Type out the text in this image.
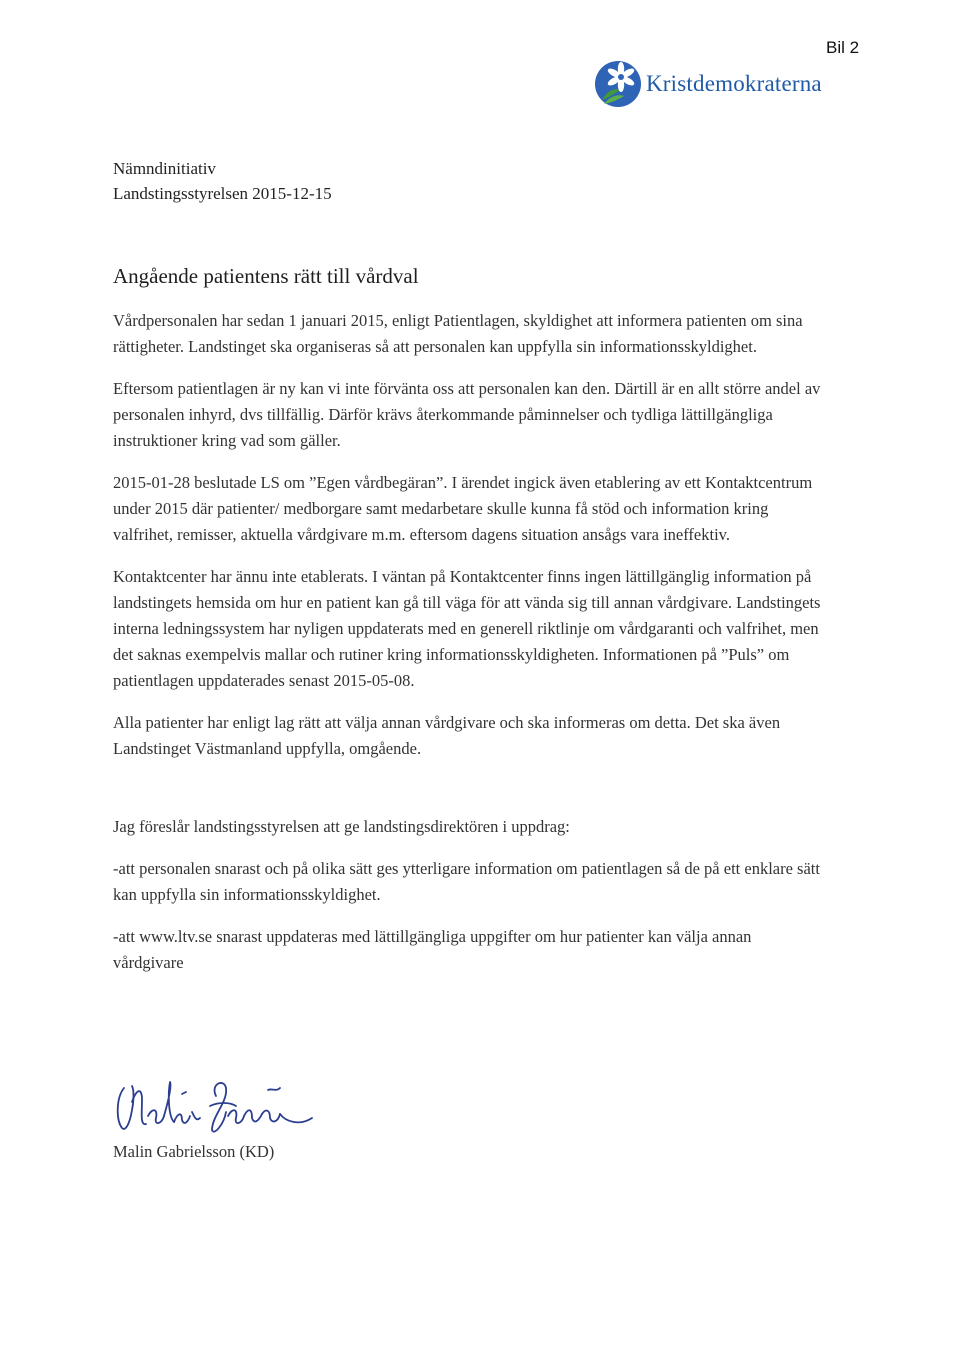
Bil 2
Kristdemokraterna
Nämndinitiativ
Landstingsstyrelsen 2015-12-15
Angående patientens rätt till vårdval

Vårdpersonalen har sedan 1 januari 2015, enligt Patientlagen, skyldighet att informera patienten om sina rättigheter. Landstinget ska organiseras så att personalen kan uppfylla sin informationsskyldighet.

Eftersom patientlagen är ny kan vi inte förvänta oss att personalen kan den. Därtill är en allt större andel av personalen inhyrd, dvs tillfällig. Därför krävs återkommande påminnelser och tydliga lättillgängliga instruktioner kring vad som gäller.

2015-01-28 beslutade LS om ”Egen vårdbegäran”. I ärendet ingick även etablering av ett Kontaktcentrum under 2015 där patienter/ medborgare samt medarbetare skulle kunna få stöd och information kring valfrihet, remisser, aktuella vårdgivare m.m. eftersom dagens situation ansågs vara ineffektiv.

Kontaktcenter har ännu inte etablerats. I väntan på Kontaktcenter finns ingen lättillgänglig information på landstingets hemsida om hur en patient kan gå till väga för att vända sig till annan vårdgivare. Landstingets interna ledningssystem har nyligen uppdaterats med en generell riktlinje om vårdgaranti och valfrihet, men det saknas exempelvis mallar och rutiner kring informationsskyldigheten. Informationen på ”Puls” om patientlagen uppdaterades senast 2015-05-08.

Alla patienter har enligt lag rätt att välja annan vårdgivare och ska informeras om detta. Det ska även Landstinget Västmanland uppfylla, omgående.

Jag föreslår landstingsstyrelsen att ge landstingsdirektören i uppdrag:

-att personalen snarast och på olika sätt ges ytterligare information om patientlagen så de på ett enklare sätt kan uppfylla sin informationsskyldighet.

-att www.ltv.se snarast uppdateras med lättillgängliga uppgifter om hur patienter kan välja annan vårdgivare

Malin Gabrielsson (KD)
